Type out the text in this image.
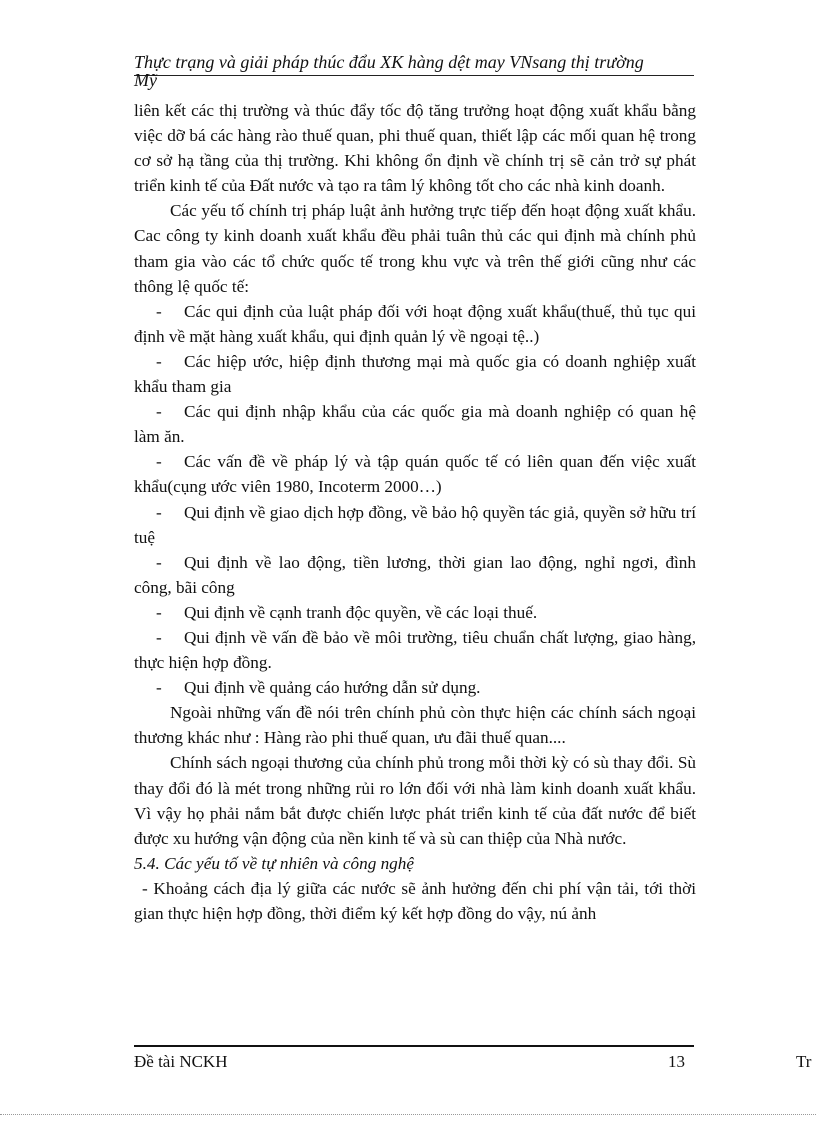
Thực trạng và giải pháp thúc đẩu XK hàng dệt may VNsang thị trường
Mỹ

liên kết các thị trường và thúc đẩy tốc độ tăng trưởng hoạt động xuất khẩu bằng việc dỡ bá các hàng rào thuế quan, phi thuế quan, thiết lập các mối quan hệ trong cơ sở hạ tầng của thị trường. Khi không ổn định về chính trị sẽ cản trở sự phát triển kinh tế của Đất nước và tạo ra tâm lý không tốt cho các nhà kinh doanh.

Các yếu tố chính trị pháp luật ảnh hưởng trực tiếp đến hoạt động xuất khẩu. Cac công ty kinh doanh xuất khẩu đều phải tuân thủ các qui định mà chính phủ tham gia vào các tổ chức quốc tế trong khu vực và trên thế giới cũng như các thông lệ quốc tế:

- Các qui định của luật pháp đối với hoạt động xuất khẩu(thuế, thủ tục qui định về mặt hàng xuất khẩu, qui định quản lý về ngoại tệ..)

- Các hiệp ước, hiệp định thương mại mà quốc gia có doanh nghiệp xuất khẩu tham gia

- Các qui định nhập khẩu của các quốc gia mà doanh nghiệp có quan hệ làm ăn.

- Các vấn đề về pháp lý và tập quán quốc tế có liên quan đến việc xuất khẩu(cụng ước viên 1980, Incoterm 2000…)

- Qui định về giao dịch hợp đồng, về bảo hộ quyền tác giả, quyền sở hữu trí tuệ

- Qui định về lao động, tiền lương, thời gian lao động, nghỉ ngơi, đình công, bãi công

- Qui định về cạnh tranh độc quyền, về các loại thuế.

- Qui định về vấn đề bảo về môi trường, tiêu chuẩn chất lượng, giao hàng, thực hiện hợp đồng.

- Qui định về quảng cáo hướng dẫn sử dụng.

Ngoài những vấn đề nói trên chính phủ còn thực hiện các chính sách ngoại thương khác như : Hàng rào phi thuế quan, ưu đãi thuế quan....

Chính sách ngoại thương của chính phủ trong mỗi thời kỳ có sù thay đổi. Sù thay đổi đó là mét trong những rủi ro lớn đối với nhà làm kinh doanh xuất khẩu. Vì vậy họ phải nắm bắt được chiến lược phát triển kinh tế của đất nước để biết được xu hướng vận động của nền kinh tế và sù can thiệp của Nhà nước.

5.4. Các yếu tố về tự nhiên và công nghệ

- Khoảng cách địa lý giữa các nước sẽ ảnh hưởng đến chi phí vận tải, tới thời gian thực hiện hợp đồng, thời điểm ký kết hợp đồng do vậy, nú ảnh

Đề tài NCKH	13	Tr
